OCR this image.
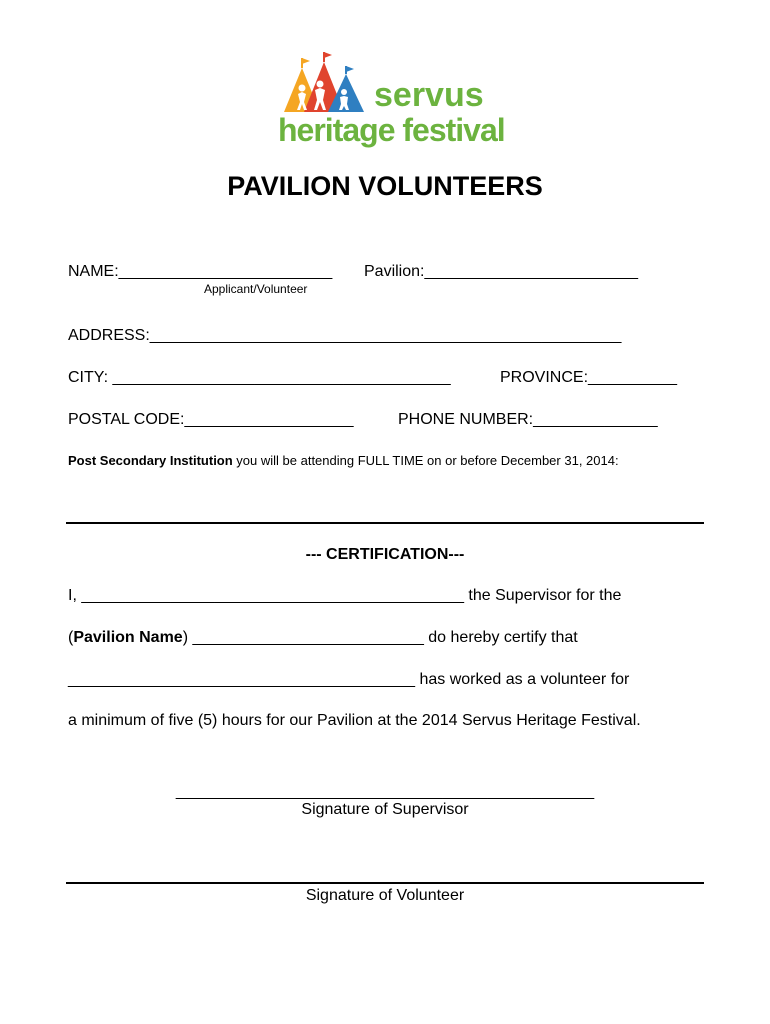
servus
heritage festival
PAVILION VOLUNTEERS
NAME:________________________ Pavilion:________________________
Applicant/Volunteer
ADDRESS:_____________________________________________________
CITY: ______________________________________	PROVINCE:__________
POSTAL CODE:___________________	PHONE NUMBER:______________
Post Secondary Institution you will be attending FULL TIME on or before December 31, 2014:
--- CERTIFICATION---
I, ___________________________________________ the Supervisor for the
(Pavilion Name) __________________________ do hereby certify that
_______________________________________ has worked as a volunteer for
a minimum of five (5) hours for our Pavilion at the 2014 Servus Heritage Festival.
_______________________________________________
Signature of Supervisor
Signature of Volunteer
